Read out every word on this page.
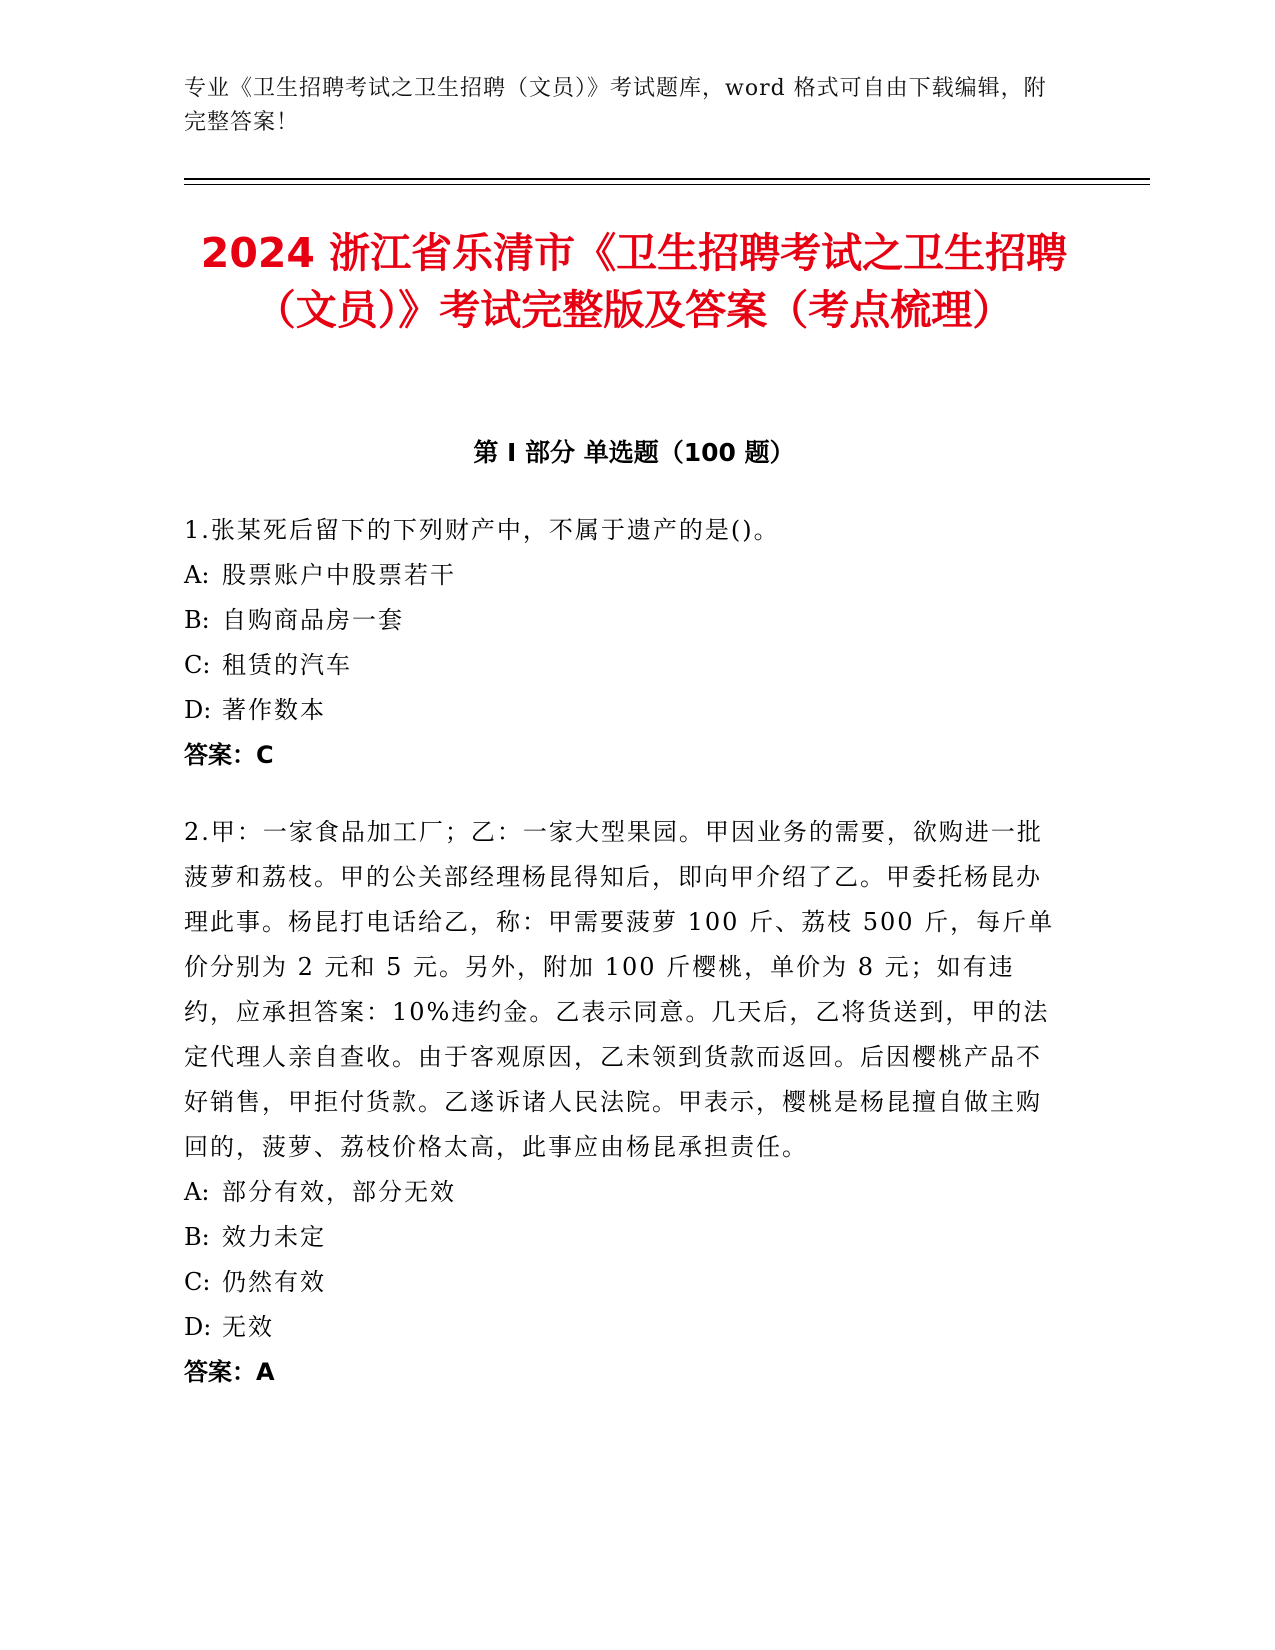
专业《卫生招聘考试之卫生招聘（文员）》考试题库，word 格式可自由下载编辑，附完整答案！
2024 浙江省乐清市《卫生招聘考试之卫生招聘（文员）》考试完整版及答案（考点梳理）
第 I 部分 单选题（100 题）
1.张某死后留下的下列财产中，不属于遗产的是()。
A: 股票账户中股票若干
B: 自购商品房一套
C: 租赁的汽车
D: 著作数本
答案：C
2.甲：一家食品加工厂；乙：一家大型果园。甲因业务的需要，欲购进一批菠萝和荔枝。甲的公关部经理杨昆得知后，即向甲介绍了乙。甲委托杨昆办理此事。杨昆打电话给乙，称：甲需要菠萝 100 斤、荔枝 500 斤，每斤单价分别为 2 元和 5 元。另外，附加 100 斤樱桃，单价为 8 元；如有违约，应承担答案：10%违约金。乙表示同意。几天后，乙将货送到，甲的法定代理人亲自查收。由于客观原因，乙未领到货款而返回。后因樱桃产品不好销售，甲拒付货款。乙遂诉诸人民法院。甲表示，樱桃是杨昆擅自做主购回的，菠萝、荔枝价格太高，此事应由杨昆承担责任。
A: 部分有效，部分无效
B: 效力未定
C: 仍然有效
D: 无效
答案：A
